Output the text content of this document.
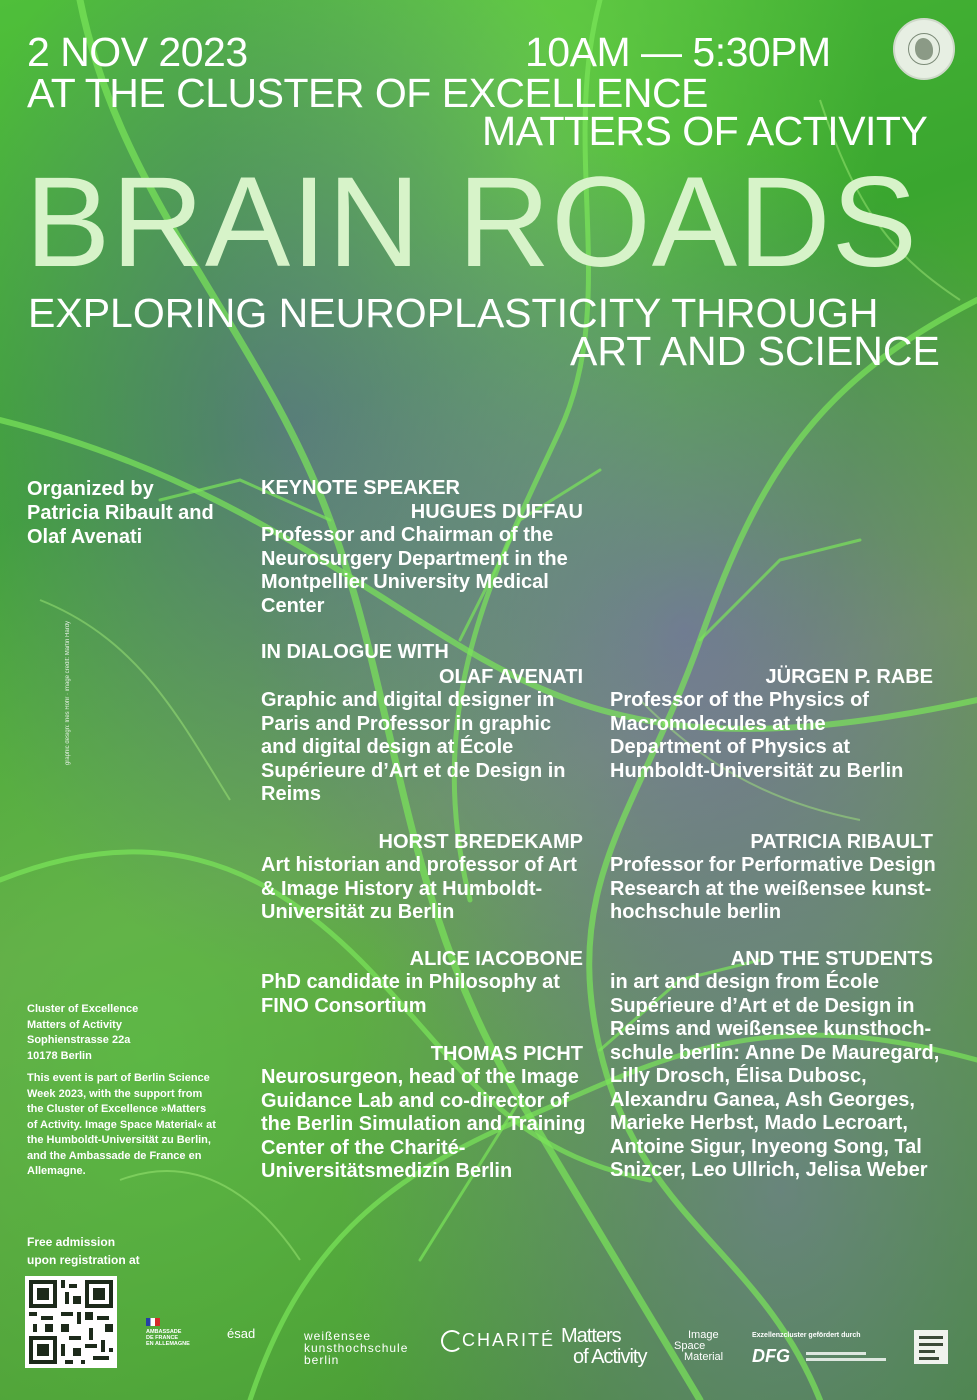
2 NOV 2023	10AM — 5:30PM
AT THE CLUSTER OF EXCELLENCE
MATTERS OF ACTIVITY
BRAIN ROADS
EXPLORING NEUROPLASTICITY THROUGH
ART AND SCIENCE
Organized by
Patricia Ribault and
Olaf Avenati
graphic design: Ines Rohr · image credit: Martin Hardy
KEYNOTE SPEAKER
HUGUES DUFFAU
Professor and Chairman of the
Neurosurgery Department in the
Montpellier University Medical
Center
IN DIALOGUE WITH
OLAF AVENATI
Graphic and digital designer in
Paris and Professor in graphic
and digital design at École
Supérieure d’Art et de Design in
Reims
HORST BREDEKAMP
Art historian and professor of Art
& Image History at Humboldt-
Universität zu Berlin
ALICE IACOBONE
PhD candidate in Philosophy at
FINO Consortium
THOMAS PICHT
Neurosurgeon, head of the Image
Guidance Lab and co-director of
the Berlin Simulation and Training
Center of the Charité-
Universitätsmedizin Berlin
JÜRGEN P. RABE
Professor of the Physics of
Macromolecules at the
Department of Physics at
Humboldt-Universität zu Berlin
PATRICIA RIBAULT
Professor for Performative Design
Research at the weißensee kunst-
hochschule berlin
AND THE STUDENTS
in art and design from École
Supérieure d’Art et de Design in
Reims and weißensee kunsthoch-
schule berlin: Anne De Mauregard,
Lilly Drosch, Élisa Dubosc,
Alexandru Ganea, Ash Georges,
Marieke Herbst, Mado Lecroart,
Antoine Sigur, Inyeong Song, Tal
Snizcer, Leo Ullrich, Jelisa Weber
Cluster of Excellence
Matters of Activity
Sophienstrasse 22a
10178 Berlin
This event is part of Berlin Science
Week 2023, with the support from
the Cluster of Excellence »Matters
of Activity. Image Space Material« at
the Humboldt-Universität zu Berlin,
and the Ambassade de France en
Allemagne.
Free admission
upon registration at
AMBASSADE
DE FRANCE
EN ALLEMAGNE
ésad	weißensee
kunsthochschule
berlin
CHARITÉ Matters
of Activity
Image
Space
Material
Exzellenzcluster gefördert durch
DFG
